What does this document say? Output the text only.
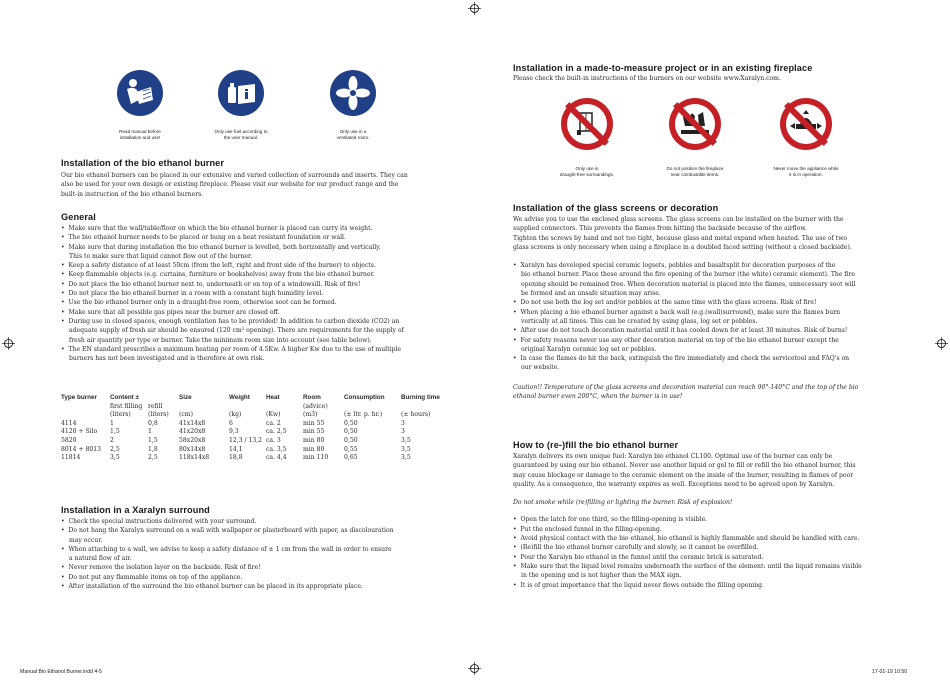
Read manual before
installation and use!
Only use fuel according to
the user manual.
Only use in a
ventilated room.
Installation of the bio ethanol burner

Our bio ethanol burners can be placed in our extensive and varied collection of surrounds and inserts. They can

also be used for your own design or existing fireplace. Please visit our website for our product range and the

built-in instruction of the bio ethanol burners.

General
•  Make sure that the wall/table/floor on which the bio ethanol burner is placed can carry its weight.
•  The bio ethanol burner needs to be placed or hung on a heat resistant foundation or wall.
•  Make sure that during installation the bio ethanol burner is levelled, both horizontally and vertically.
This to make sure that liquid cannot flow out of the burner.
•  Keep a safety distance of at least 50cm (from the left, right and front side of the burner) to objects.
•  Keep flammable objects (e.g. curtains, furniture or bookshelves) away from the bio ethanol burner.
•  Do not place the bio ethanol burner next to, underneath or on top of a windowsill. Risk of fire!
•  Do not place the bio ethanol burner in a room with a constant high humidity level.
•  Use the bio ethanol burner only in a draught-free room, otherwise soot can be formed.
•  Make sure that all possible gas pipes near the burner are closed off.
•  During use in closed spaces, enough ventilation has to be provided! In addition to carbon dioxide (CO2) an
adequate supply of fresh air should be ensured (120 cm² opening). There are requirements for the supply of
fresh air quantity per type or burner. Take the minimum room size into account (see table below).
•  The EN standard prescribes a maximum heating per room of 4.5Kw. A higher Kw due to the use of multiple
burners has not been investigated and is therefore at own risk.
Type burner	Content ±		Size	Weight	Heat	Room	Consumption	Burning time
	first filling	refill				(advice)		
	(liters)	(liters)	(cm)	(kg)	(Kw)	(m3)	(± ltr. p. hr.)	(± hours)
4114	1	0,8	41x14x8	6	ca. 2	min 55	0,50	3
4120 + Silo	1,5	1	41x20x8	9,3	ca. 2,5	min 55	0,50	3
5820	2	1,5	58x20x8	12,3 / 13,2	ca. 3	min 80	0,50	3,5
8014 + 8013	2,5	1,8	80x14x8	14,1	ca. 3,5	min 80	0,55	3,5
11814	3,5	2,5	118x14x8	18,8	ca. 4,4	min 110	0,65	3,5
Installation in a Xaralyn surround
•  Check the special instructions delivered with your surround.
•  Do not hang the Xaralyn surround on a wall with wallpaper or plasterboard with paper, as discolouration
may occur.
•  When attaching to a wall, we advise to keep a safety distance of ± 1 cm from the wall in order to ensure
a natural flow of air.
•  Never remove the isolation layer on the backside. Risk of fire!
•  Do not put any flammable items on top of the appliance.
•  After installation of the surround the bio ethanol burner can be placed in its appropriate place.
Installation in a made-to-measure project or in an existing fireplace

Please check the built-in instructions of the burners on our website www.Xaralyn.com.

Only use in
draught-free surroundings.
Do not position the fireplace
near combustible items.
Never move the appliance while
it is in operation.
Installation of the glass screens or decoration

We advise you to use the enclosed glass screens. The glass screens can be installed on the burner with the

supplied connectors. This prevents the flames from hitting the backside because of the airflow.

Tighten the screws by hand and not too tight, because glass and metal expand when heated. The use of two

glass screens is only necessary when using a fireplace in a doubled faced setting (without a closed backside).

•  Xaralyn has developed special ceramic logsets, pebbles and basaltsplit for decoration purposes of the
bio ethanol burner. Place these around the fire opening of the burner (the white) ceramic element). The fire
opening should be remained free. When decoration material is placed into the flames, unnecessary soot will
be formed and an unsafe situation may arise.
•  Do not use both the log set and/or pebbles at the same time with the glass screens. Risk of fire!
•  When placing a bio ethanol burner against a back wall (e.g.(wall)surround), make sure the flames burn
vertically at all times. This can be created by using glass, log set or pebbles.
•  After use do not touch decoration material until it has cooled down for at least 30 minutes. Risk of burns!
•  For safety reasons never use any other decoration material on top of the bio ethanol burner except the
original Xaralyn ceramic log set or pebbles.
•  In case the flames do hit the back, extinguish the fire immediately and check the servicetool and FAQ's on
our website.

Caution!! Temperature of the glass screens and decoration material can reach 90°-140°C and the top of the bio

ethanol burner even 200°C, when the burner is in use!

How to (re-)fill the bio ethanol burner

Xaralyn delivers its own unique fuel: Xaralyn bio ethanol CL100. Optimal use of the burner can only be

guaranteed by using our bio ethanol. Never use another liquid or gel to fill or refill the bio ethanol burner, this

may cause blockage or damage to the ceramic element on the inside of the burner, resulting in flames of poor

quality. As a consequence, the warranty expires as well. Exceptions need to be agreed upon by Xaralyn.

Do not smoke while (re)filling or lighting the burner. Risk of explosion!

•  Open the latch for one third, so the filling-opening is visible.
•  Put the enclosed funnel in the filling-opening.
•  Avoid physical contact with the bio ethanol, bio ethanol is highly flammable and should be handled with care.
•  (Re)fill the bio ethanol burner carefully and slowly, so it cannot be overfilled.
•  Pour the Xaralyn bio ethanol in the funnel until the ceramic brick is saturated.
•  Make sure that the liquid level remains underneath the surface of the element: until the liquid remains visible
in the opening and is not higher than the MAX sign.
•  It is of great importance that the liquid never flows outside the filling opening.
Manual Bio Ethanol Burner.indd 4-5	17-01-19 10:50
